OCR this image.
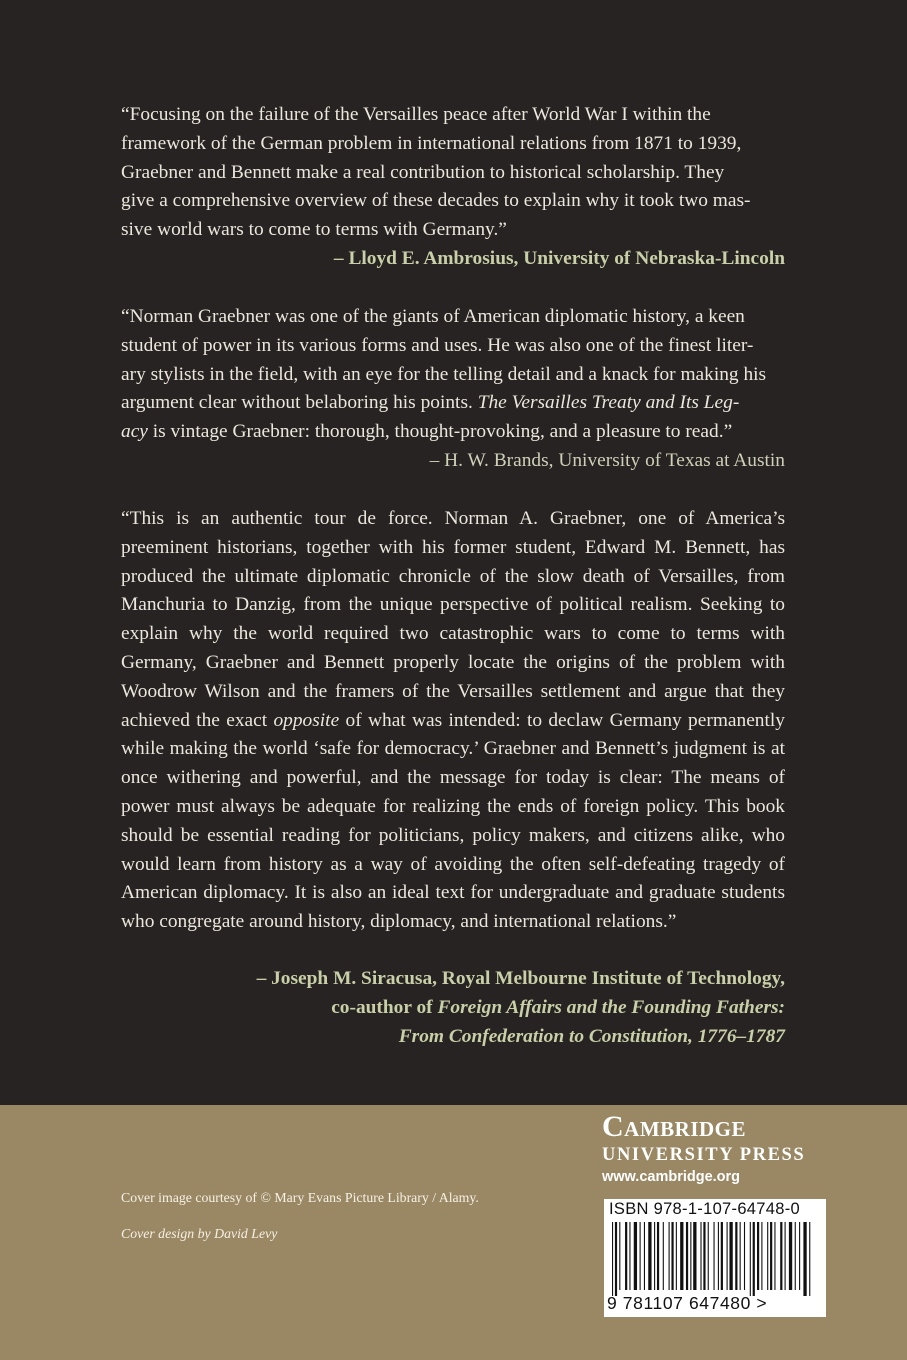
“Focusing on the failure of the Versailles peace after World War I within the
framework of the German problem in international relations from 1871 to 1939,
Graebner and Bennett make a real contribution to historical scholarship. They
give a comprehensive overview of these decades to explain why it took two mas-
sive world wars to come to terms with Germany.”
– Lloyd E. Ambrosius, University of Nebraska-Lincoln
“Norman Graebner was one of the giants of American diplomatic history, a keen
student of power in its various forms and uses. He was also one of the finest liter-
ary stylists in the field, with an eye for the telling detail and a knack for making his
argument clear without belaboring his points. The Versailles Treaty and Its Leg-
acy is vintage Graebner: thorough, thought-provoking, and a pleasure to read.”
– H. W. Brands, University of Texas at Austin
“This is an authentic tour de force. Norman A. Graebner, one of America’s preeminent historians, together with his former student, Edward M. Bennett, has produced the ultimate diplomatic chronicle of the slow death of Versailles, from Manchuria to Danzig, from the unique perspective of political realism. Seeking to explain why the world required two catastrophic wars to come to terms with Germany, Graebner and Bennett properly locate the origins of the problem with Woodrow Wilson and the framers of the Versailles settlement and argue that they achieved the exact opposite of what was intended: to declaw Germany permanently while making the world ‘safe for democracy.’ Graebner and Bennett’s judgment is at once withering and powerful, and the message for today is clear: The means of power must always be adequate for realizing the ends of foreign policy. This book should be essential reading for politicians, policy makers, and citizens alike, who would learn from history as a way of avoiding the often self-defeating tragedy of American diplomacy. It is also an ideal text for undergraduate and graduate students who congregate around history, diplomacy, and international relations.”
– Joseph M. Siracusa, Royal Melbourne Institute of Technology,
co-author of Foreign Affairs and the Founding Fathers:
From Confederation to Constitution, 1776–1787
Cover image courtesy of © Mary Evans Picture Library / Alamy.
Cover design by David Levy
Cambridge
UNIVERSITY PRESS
www.cambridge.org
ISBN 978-1-107-64748-0
9 781107 647480 >
